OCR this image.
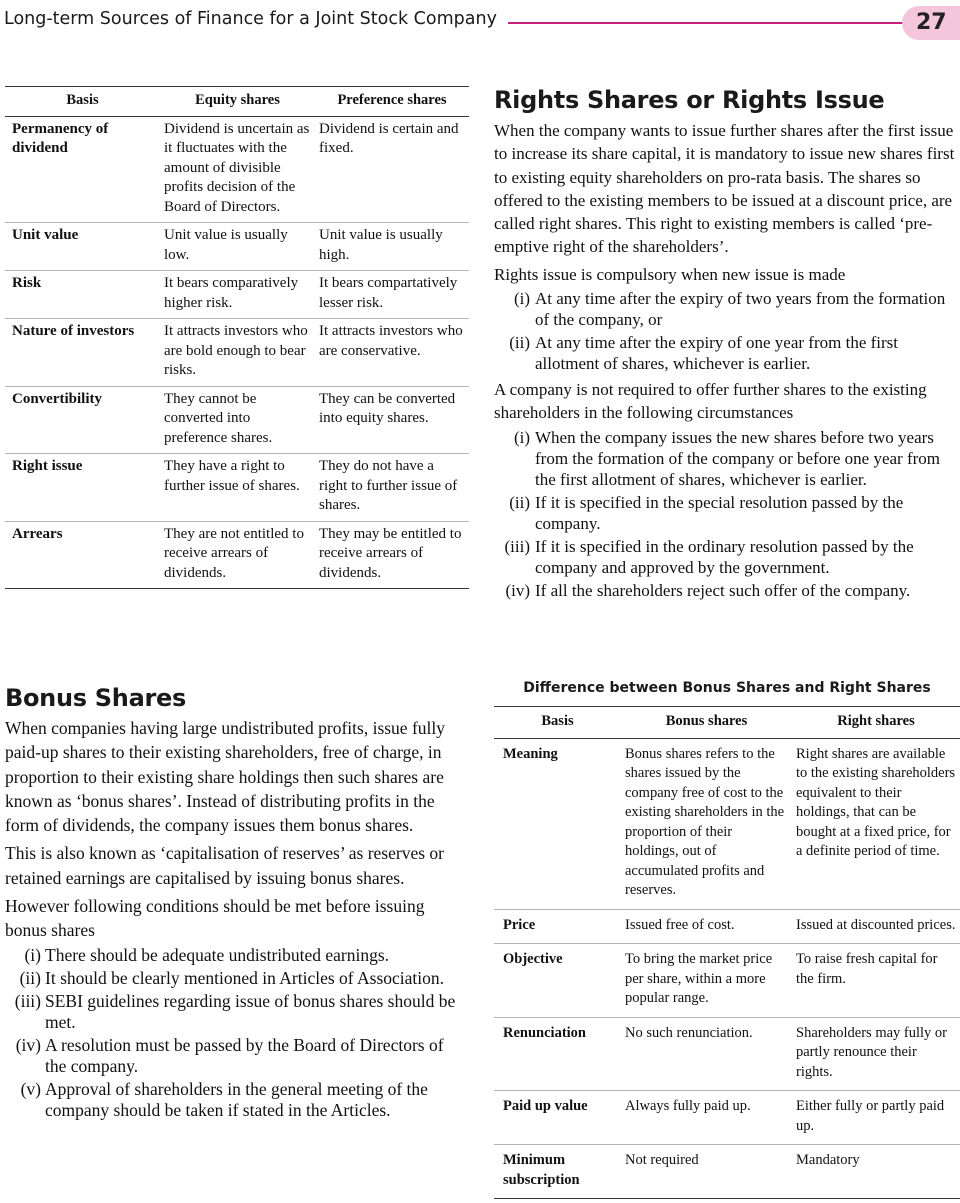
Long-term Sources of Finance for a Joint Stock Company	27
Basis	Equity shares	Preference shares
Permanency of dividend	Dividend is uncertain as it fluctuates with the amount of divisible profits decision of the Board of Directors.	Dividend is certain and fixed.
Unit value	Unit value is usually low.	Unit value is usually high.
Risk	It bears comparatively higher risk.	It bears compartatively lesser risk.
Nature of investors	It attracts investors who are bold enough to bear risks.	It attracts investors who are conservative.
Convertibility	They cannot be converted into preference shares.	They can be converted into equity shares.
Right issue	They have a right to further issue of shares.	They do not have a right to further issue of shares.
Arrears	They are not entitled to receive arrears of dividends.	They may be entitled to receive arrears of dividends.
Bonus Shares

When companies having large undistributed profits, issue fully paid-up shares to their existing shareholders, free of charge, in proportion to their existing share holdings then such shares are known as ‘bonus shares’. Instead of distributing profits in the form of dividends, the company issues them bonus shares.

This is also known as ‘capitalisation of reserves’ as reserves or retained earnings are capitalised by issuing bonus shares.

However following conditions should be met before issuing bonus shares

(i) There should be adequate undistributed earnings.
(ii) It should be clearly mentioned in Articles of Association.
(iii) SEBI guidelines regarding issue of bonus shares should be met.
(iv) A resolution must be passed by the Board of Directors of the company.
(v) Approval of shareholders in the general meeting of the company should be taken if stated in the Articles.
Rights Shares or Rights Issue

When the company wants to issue further shares after the first issue to increase its share capital, it is mandatory to issue new shares first to existing equity shareholders on pro-rata basis. The shares so offered to the existing members to be issued at a discount price, are called right shares. This right to existing members is called ‘pre-emptive right of the shareholders’.

Rights issue is compulsory when new issue is made

(i) At any time after the expiry of two years from the formation of the company, or
(ii) At any time after the expiry of one year from the first allotment of shares, whichever is earlier.

A company is not required to offer further shares to the existing shareholders in the following circumstances

(i) When the company issues the new shares before two years from the formation of the company or before one year from the first allotment of shares, whichever is earlier.
(ii) If it is specified in the special resolution passed by the company.
(iii) If it is specified in the ordinary resolution passed by the company and approved by the government.
(iv) If all the shareholders reject such offer of the company.
Difference between Bonus Shares and Right Shares
Basis	Bonus shares	Right shares
Meaning	Bonus shares refers to the shares issued by the company free of cost to the existing shareholders in the proportion of their holdings, out of accumulated profits and reserves.	Right shares are available to the existing shareholders equivalent to their holdings, that can be bought at a fixed price, for a definite period of time.
Price	Issued free of cost.	Issued at discounted prices.
Objective	To bring the market price per share, within a more popular range.	To raise fresh capital for the firm.
Renunciation	No such renunciation.	Shareholders may fully or partly renounce their rights.
Paid up value	Always fully paid up.	Either fully or partly paid up.
Minimum subscription	Not required	Mandatory
